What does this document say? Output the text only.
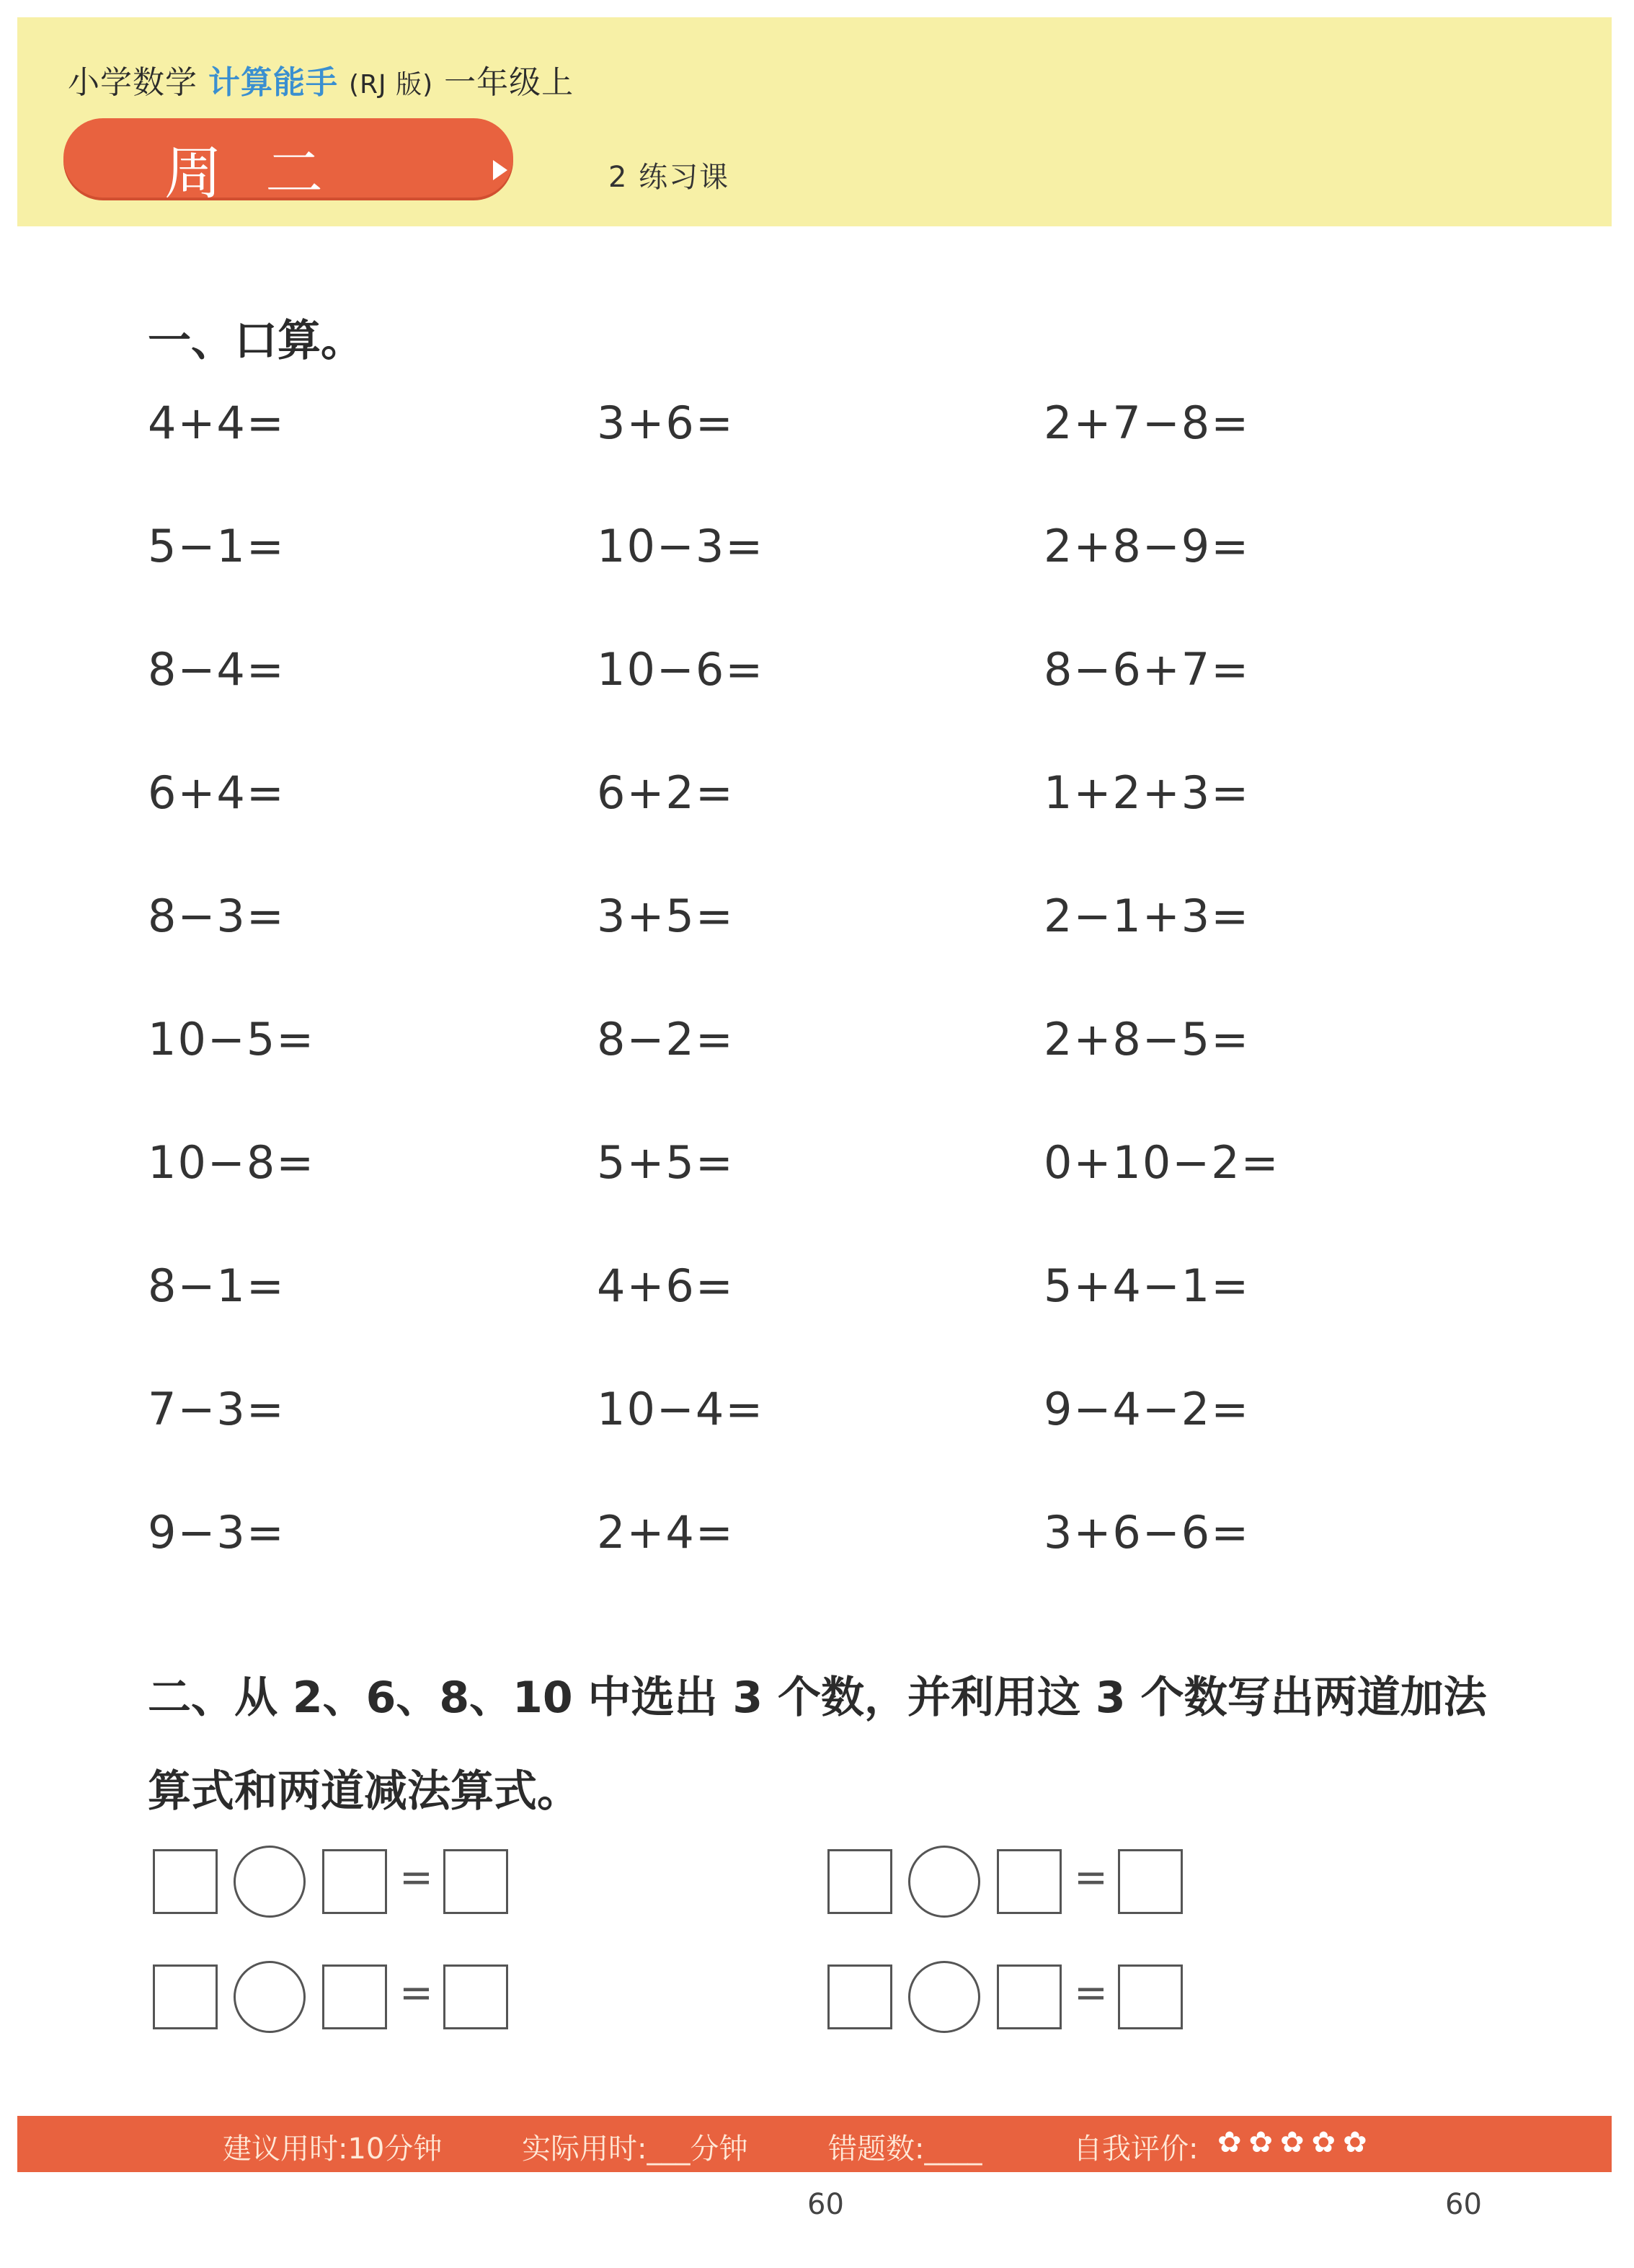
小学数学 计算能手 (RJ 版) 一年级上
周二	2 练习课
一、口算。
4+4=	3+6=	2+7−8=
5−1=	10−3=	2+8−9=
8−4=	10−6=	8−6+7=
6+4=	6+2=	1+2+3=
8−3=	3+5=	2−1+3=
10−5=	8−2=	2+8−5=
10−8=	5+5=	0+10−2=
8−1=	4+6=	5+4−1=
7−3=	10−4=	9−4−2=
9−3=	2+4=	3+6−6=
二、从 2、6、8、10 中选出 3 个数，并利用这 3 个数写出两道加法算式和两道减法算式。
=	=
=	=
建议用时:10分钟	实际用时:___分钟	错题数:____	自我评价: ✿✿✿✿✿
60	60
